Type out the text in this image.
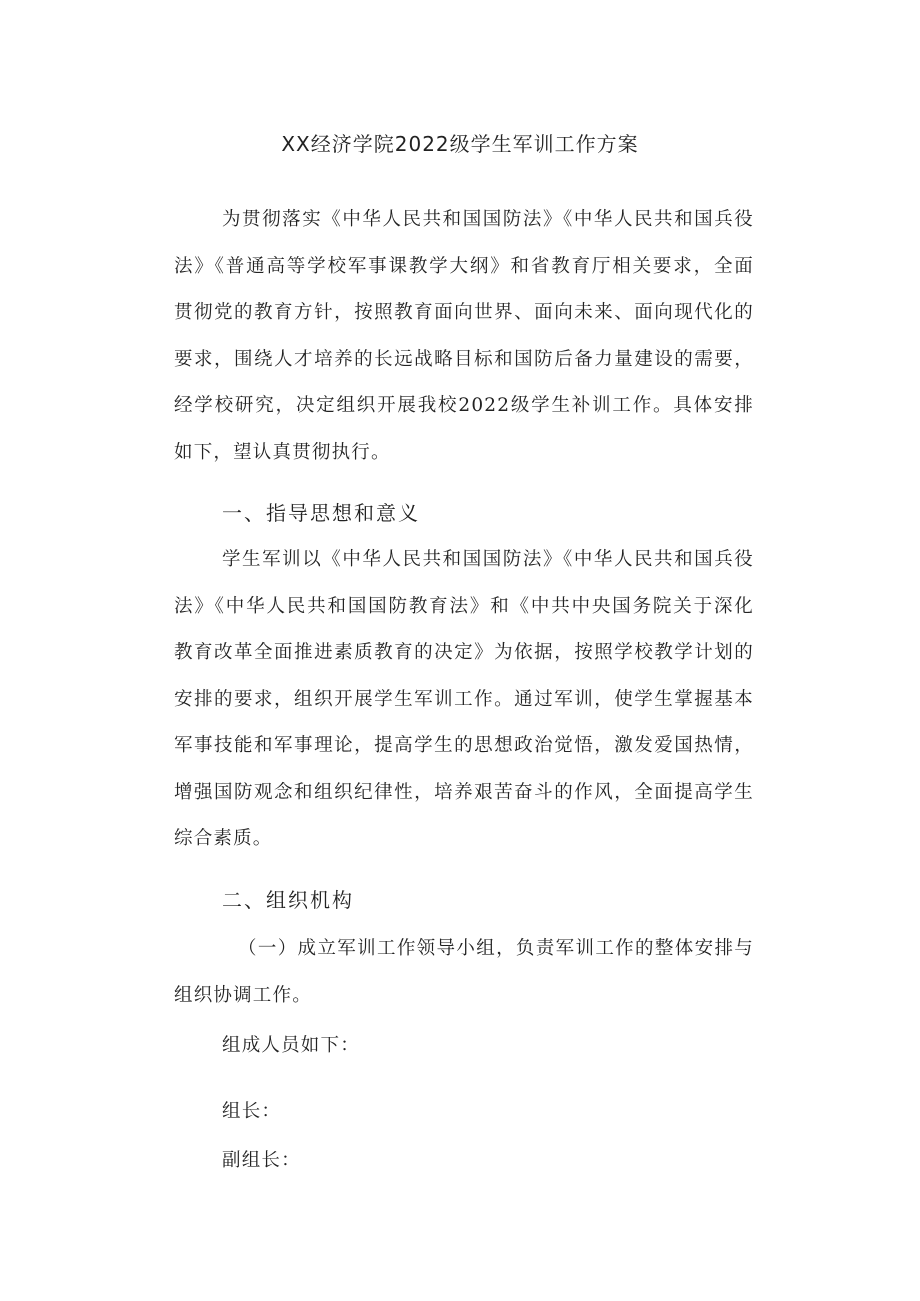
XX经济学院2022级学生军训工作方案

为贯彻落实《中华人民共和国国防法》《中华人民共和国兵役法》《普通高等学校军事课教学大纲》和省教育厅相关要求，全面贯彻党的教育方针，按照教育面向世界、面向未来、面向现代化的要求，围绕人才培养的长远战略目标和国防后备力量建设的需要，经学校研究，决定组织开展我校2022级学生补训工作。具体安排如下，望认真贯彻执行。

一、指导思想和意义

学生军训以《中华人民共和国国防法》《中华人民共和国兵役法》《中华人民共和国国防教育法》和《中共中央国务院关于深化教育改革全面推进素质教育的决定》为依据，按照学校教学计划的安排的要求，组织开展学生军训工作。通过军训，使学生掌握基本军事技能和军事理论，提高学生的思想政治觉悟，激发爱国热情，增强国防观念和组织纪律性，培养艰苦奋斗的作风，全面提高学生综合素质。

二、组织机构

（一）成立军训工作领导小组，负责军训工作的整体安排与组织协调工作。

组成人员如下：

组长：

副组长：
